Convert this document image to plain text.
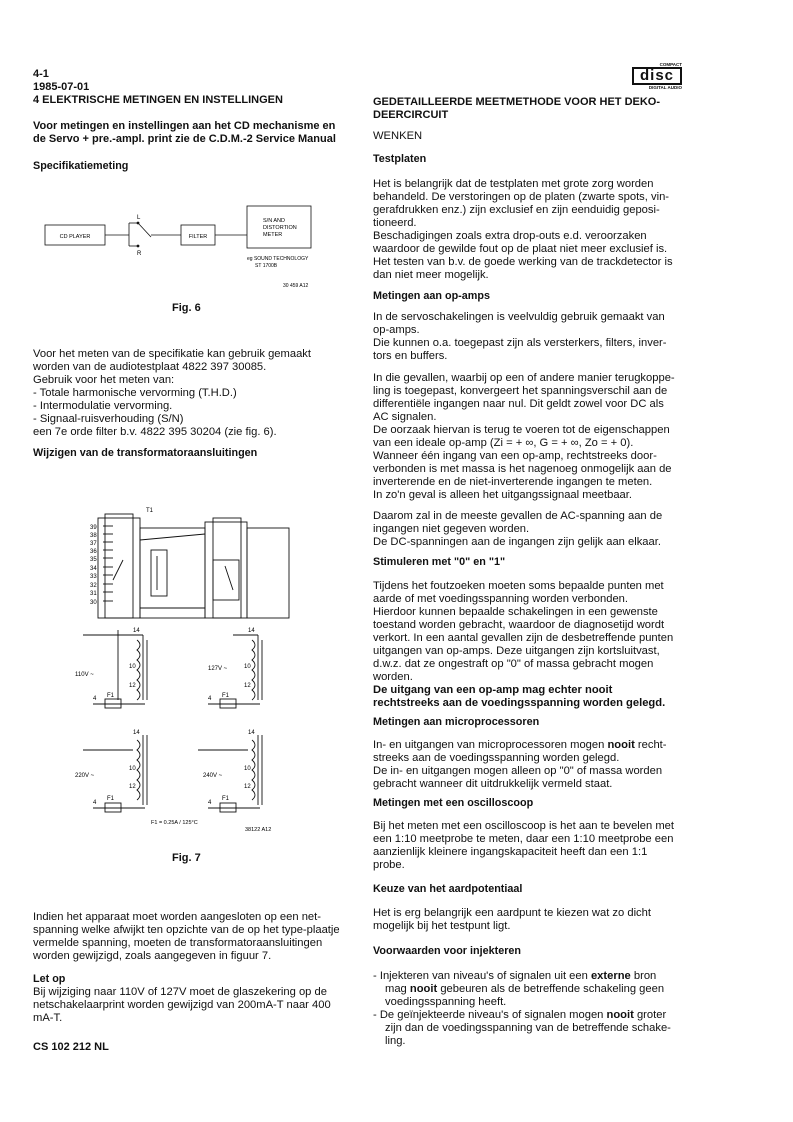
4-1
1985-07-01
4 ELEKTRISCHE METINGEN EN INSTELLINGEN
COMPACT
disc
DIGITAL AUDIO
Voor metingen en instellingen aan het CD mechanisme en de Servo + pre.-ampl. print zie de C.D.M.-2 Service Manual
Specifikatiemeting
CD PLAYER
L
R
FILTER
S/N AND
DISTORTION
METER
eg SOUND TECHNOLOGY
ST 1700B
30 459 A12
Fig. 6

Voor het meten van de specifikatie kan gebruik gemaakt worden van de audiotestplaat 4822 397 30085.

Gebruik voor het meten van:

- Totale harmonische vervorming (T.H.D.)

- Intermodulatie vervorming.

- Signaal-ruisverhouding (S/N)

een 7e orde filter b.v. 4822 395 30204 (zie fig. 6).

Wijzigen van de transformatoraansluitingen
T1
39
38
37
36
35
34
33
32
31
30
14
10
12
110V ~
4 F1
14
10
12
127V ~
4 F1
14
10
12
220V ~
4
F1
14
10
12
240V ~
4
F1
F1 = 0.25A / 125°C
38122 A12
Fig. 7
Indien het apparaat moet worden aangesloten op een net-spanning welke afwijkt ten opzichte van de op het type-plaatje vermelde spanning, moeten de transformatoraansluitingen worden gewijzigd, zoals aangegeven in figuur 7.
Let op
Bij wijziging naar 110V of 127V moet de glaszekering op de netschakelaarprint worden gewijzigd van 200mA-T naar 400 mA-T.
CS 102 212 NL
GEDETAILLEERDE MEETMETHODE VOOR HET DEKO-DEERCIRCUIT
WENKEN
Testplaten

Het is belangrijk dat de testplaten met grote zorg worden behandeld. De verstoringen op de platen (zwarte spots, vin-gerafdrukken enz.) zijn exclusief en zijn eenduidig geposi-tioneerd.

Beschadigingen zoals extra drop-outs e.d. veroorzaken waardoor de gewilde fout op de plaat niet meer exclusief is. Het testen van b.v. de goede werking van de trackdetector is dan niet meer mogelijk.

Metingen aan op-amps

In de servoschakelingen is veelvuldig gebruik gemaakt van op-amps.

Die kunnen o.a. toegepast zijn als versterkers, filters, inver-tors en buffers.

In die gevallen, waarbij op een of andere manier terugkoppe-ling is toegepast, konvergeert het spanningsverschil aan de differentiële ingangen naar nul. Dit geldt zowel voor DC als AC signalen.

De oorzaak hiervan is terug te voeren tot de eigenschappen van een ideale op-amp (Zi = + ∞, G = + ∞, Zo = + 0).

Wanneer één ingang van een op-amp, rechtstreeks door-verbonden is met massa is het nagenoeg onmogelijk aan de inverterende en de niet-inverterende ingangen te meten.

In zo'n geval is alleen het uitgangssignaal meetbaar.

Daarom zal in de meeste gevallen de AC-spanning aan de ingangen niet gegeven worden.

De DC-spanningen aan de ingangen zijn gelijk aan elkaar.

Stimuleren met "0" en "1"

Tijdens het foutzoeken moeten soms bepaalde punten met aarde of met voedingsspanning worden verbonden.

Hierdoor kunnen bepaalde schakelingen in een gewenste toestand worden gebracht, waardoor de diagnosetijd wordt verkort. In een aantal gevallen zijn de desbetreffende punten uitgangen van op-amps. Deze uitgangen zijn kortsluitvast, d.w.z. dat ze ongestraft op "0" of massa gebracht mogen worden.

De uitgang van een op-amp mag echter nooit rechtstreeks aan de voedingsspanning worden gelegd.

Metingen aan microprocessoren

In- en uitgangen van microprocessoren mogen nooit recht-streeks aan de voedingsspanning worden gelegd.

De in- en uitgangen mogen alleen op "0" of massa worden gebracht wanneer dit uitdrukkelijk vermeld staat.

Metingen met een oscilloscoop
Bij het meten met een oscilloscoop is het aan te bevelen met een 1:10 meetprobe te meten, daar een 1:10 meetprobe een aanzienlijk kleinere ingangskapaciteit heeft dan een 1:1 probe.
Keuze van het aardpotentiaal
Het is erg belangrijk een aardpunt te kiezen wat zo dicht mogelijk bij het testpunt ligt.
Voorwaarden voor injekteren

- Injekteren van niveau's of signalen uit een externe bron mag nooit gebeuren als de betreffende schakeling geen voedingsspanning heeft.

- De geïnjekteerde niveau's of signalen mogen nooit groter zijn dan de voedingsspanning van de betreffende schake-ling.
